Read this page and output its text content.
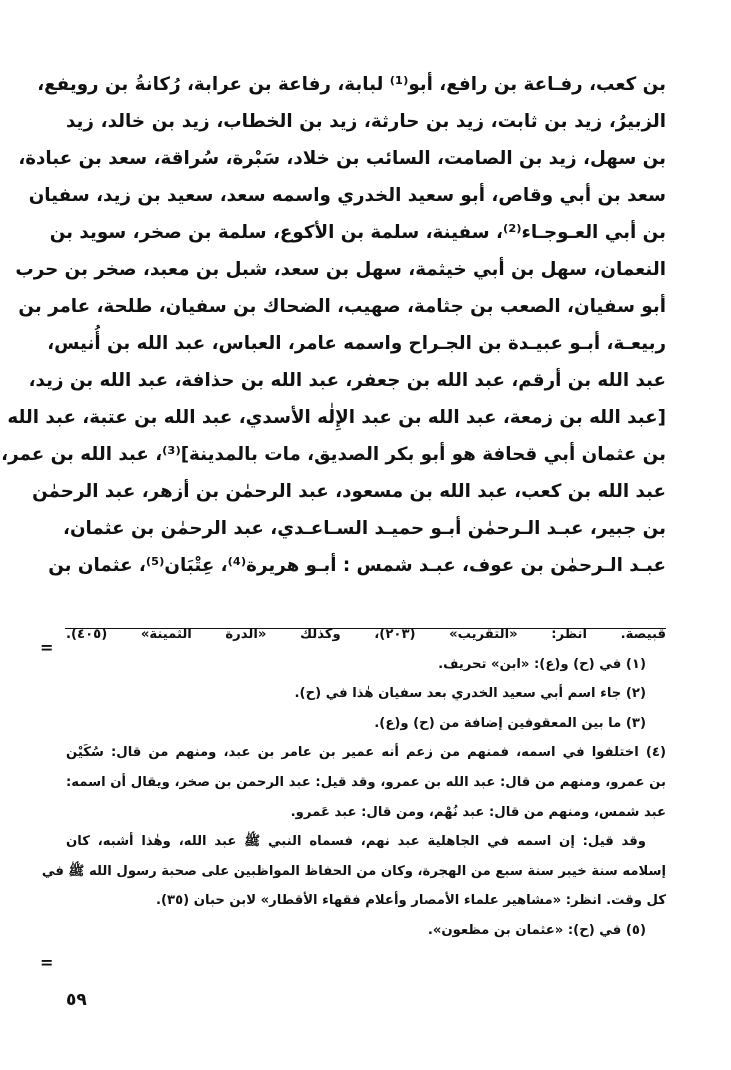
بن كعب، رفـاعة بن رافع، أبو⁽¹⁾ لبابة، رفاعة بن عرابة، رُكانةُ بن رويفع،
الزبيرُ، زيد بن ثابت، زيد بن حارثة، زيد بن الخطاب، زيد بن خالد، زيد
بن سهل، زيد بن الصامت، السائب بن خلاد، سَبْرة، سُراقة، سعد بن عبادة،
سعد بن أبي وقاص، أبو سعيد الخدري واسمه سعد، سعيد بن زيد، سفيان
بن أبي العـوجـاء⁽²⁾، سفينة، سلمة بن الأكوع، سلمة بن صخر، سويد بن
النعمان، سهل بن أبي خيثمة، سهل بن سعد، شبل بن معبد، صخر بن حرب
أبو سفيان، الصعب بن جثامة، صهيب، الضحاك بن سفيان، طلحة، عامر بن
ربيعـة، أبـو عبيـدة بن الجـراح واسمه عامر، العباس، عبد الله بن أُنيس،
عبد الله بن أرقم، عبد الله بن جعفر، عبد الله بن حذافة، عبد الله بن زيد،
[عبد الله بن زمعة، عبد الله بن عبد الإِلٰه الأسدي، عبد الله بن عتبة، عبد الله
بن عثمان أبي قحافة هو أبو بكر الصديق، مات بالمدينة]⁽³⁾، عبد الله بن عمر،
عبد الله بن كعب، عبد الله بن مسعود، عبد الرحمٰن بن أزهر، عبد الرحمٰن
بن جبير، عبـد الـرحمٰن أبـو حميـد السـاعـدي، عبد الرحمٰن بن عثمان،
عبـد الـرحمٰن بن عوف، عبـد شمس : أبـو هريرة⁽⁴⁾، عِتْبَان⁽⁵⁾، عثمان بن
=
=
قبيصة. انظر: «التقريب» (٢٠٣)، وكذلك «الدرة الثمينة» (٤٠٥).
(١) في (ح) و(ع): «ابن» تحريف.
(٢) جاء اسم أبي سعيد الخدري بعد سفيان هٰذا في (ح).
(٣) ما بين المعقوفين إضافة من (ح) و(ع).
(٤) اختلفوا في اسمه، فمنهم من زعم أنه عمير بن عامر بن عبد، ومنهم من قال: سُكَيْن
بن عمرو، ومنهم من قال: عبد الله بن عمرو، وقد قيل: عبد الرحمن بن صخر، ويقال أن اسمه:
عبد شمس، ومنهم من قال: عبد نُهْم، ومن قال: عبد عَمرو.
وقد قيل: إن اسمه في الجاهلية عبد نهم، فسماه النبي ﷺ عبد الله، وهٰذا أشبه، كان
إسلامه سنة خيبر سنة سبع من الهجرة، وكان من الحفاظ المواظبين على صحبة رسول الله ﷺ في
كل وقت. انظر: «مشاهير علماء الأمصار وأعلام فقهاء الأقطار» لابن حبان (٣٥).
(٥) في (ح): «عثمان بن مظعون».
٥٩
